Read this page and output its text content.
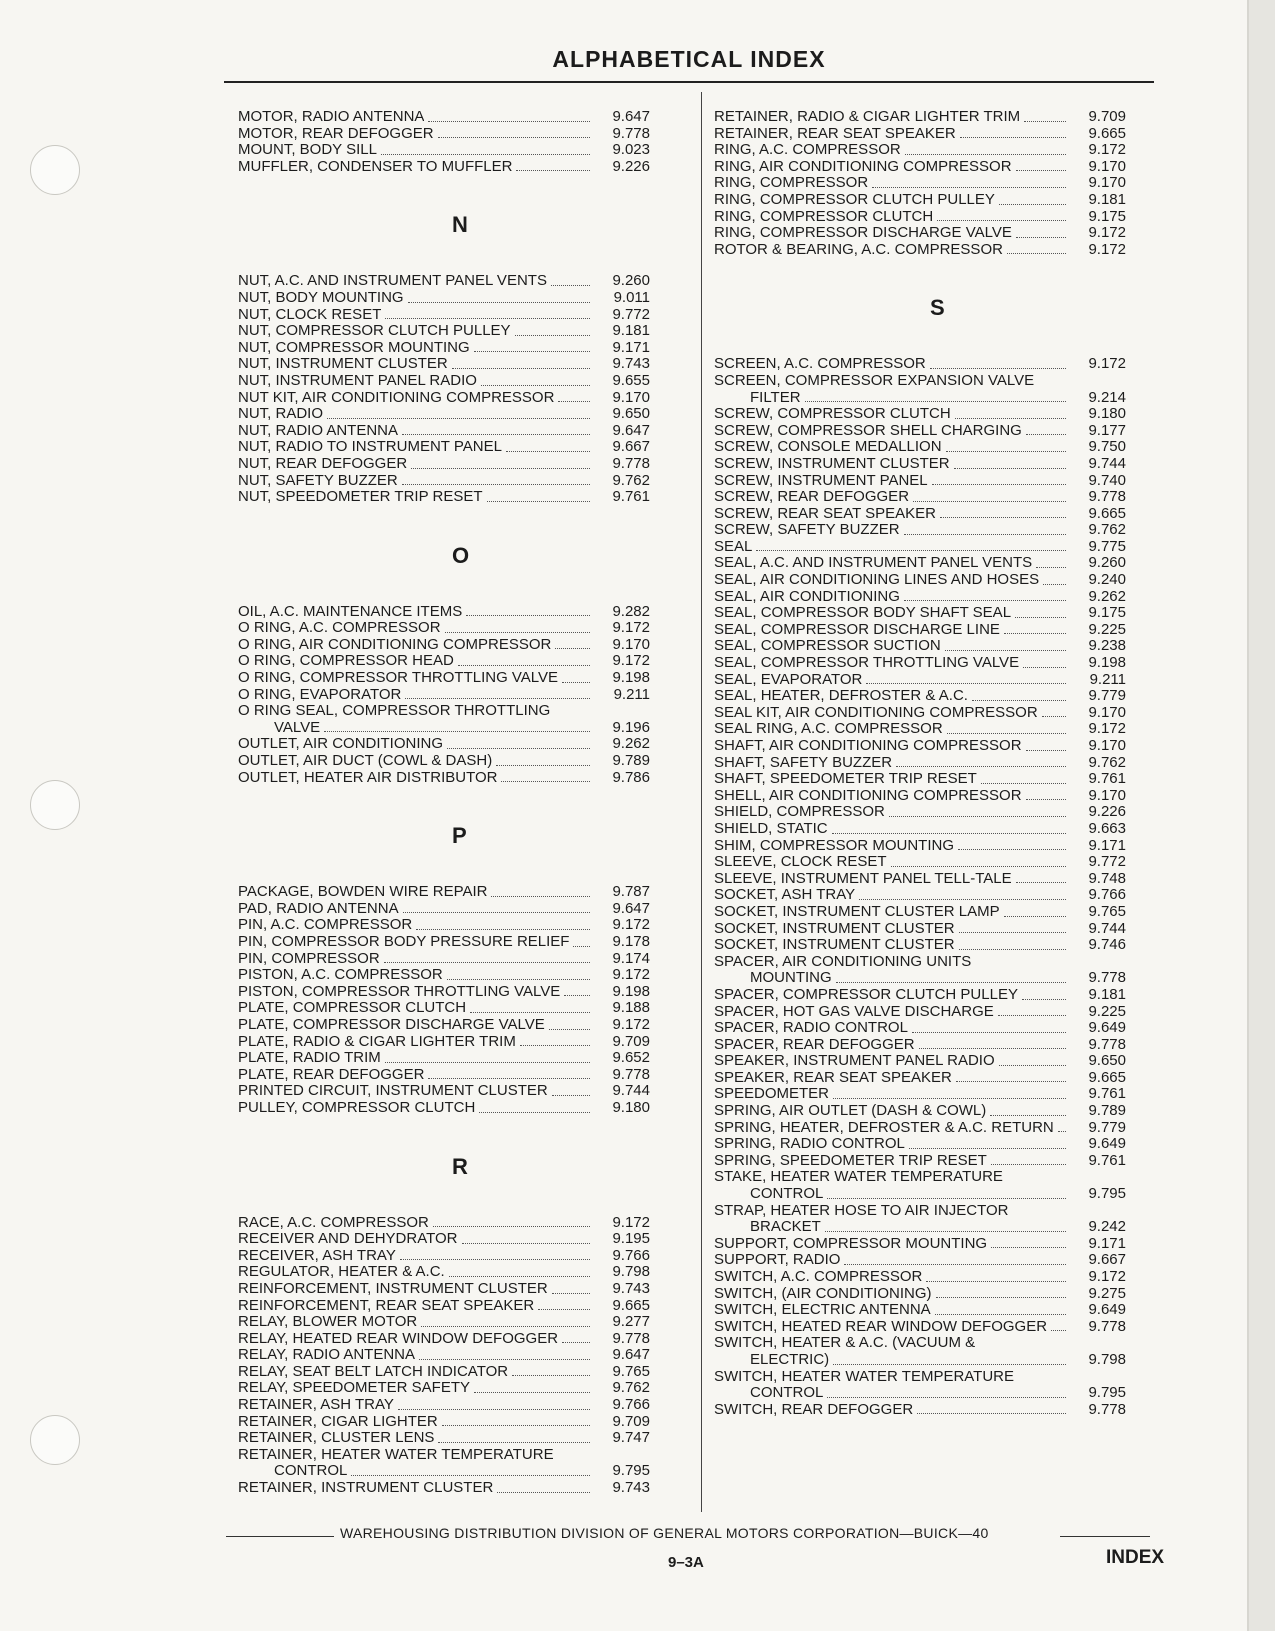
ALPHABETICAL INDEX
MOTOR, RADIO ANTENNA	9.647
MOTOR, REAR DEFOGGER	9.778
MOUNT, BODY SILL	9.023
MUFFLER, CONDENSER TO MUFFLER	9.226
N
NUT, A.C. AND INSTRUMENT PANEL VENTS	9.260
NUT, BODY MOUNTING	9.011
NUT, CLOCK RESET	9.772
NUT, COMPRESSOR CLUTCH PULLEY	9.181
NUT, COMPRESSOR MOUNTING	9.171
NUT, INSTRUMENT CLUSTER	9.743
NUT, INSTRUMENT PANEL RADIO	9.655
NUT KIT, AIR CONDITIONING COMPRESSOR	9.170
NUT, RADIO	9.650
NUT, RADIO ANTENNA	9.647
NUT, RADIO TO INSTRUMENT PANEL	9.667
NUT, REAR DEFOGGER	9.778
NUT, SAFETY BUZZER	9.762
NUT, SPEEDOMETER TRIP RESET	9.761
O
OIL, A.C. MAINTENANCE ITEMS	9.282
O RING, A.C. COMPRESSOR	9.172
O RING, AIR CONDITIONING COMPRESSOR	9.170
O RING, COMPRESSOR HEAD	9.172
O RING, COMPRESSOR THROTTLING VALVE	9.198
O RING, EVAPORATOR	9.211
O RING SEAL, COMPRESSOR THROTTLING
VALVE	9.196
OUTLET, AIR CONDITIONING	9.262
OUTLET, AIR DUCT (COWL & DASH)	9.789
OUTLET, HEATER AIR DISTRIBUTOR	9.786
P
PACKAGE, BOWDEN WIRE REPAIR	9.787
PAD, RADIO ANTENNA	9.647
PIN, A.C. COMPRESSOR	9.172
PIN, COMPRESSOR BODY PRESSURE RELIEF	9.178
PIN, COMPRESSOR	9.174
PISTON, A.C. COMPRESSOR	9.172
PISTON, COMPRESSOR THROTTLING VALVE	9.198
PLATE, COMPRESSOR CLUTCH	9.188
PLATE, COMPRESSOR DISCHARGE VALVE	9.172
PLATE, RADIO & CIGAR LIGHTER TRIM	9.709
PLATE, RADIO TRIM	9.652
PLATE, REAR DEFOGGER	9.778
PRINTED CIRCUIT, INSTRUMENT CLUSTER	9.744
PULLEY, COMPRESSOR CLUTCH	9.180
R
RACE, A.C. COMPRESSOR	9.172
RECEIVER AND DEHYDRATOR	9.195
RECEIVER, ASH TRAY	9.766
REGULATOR, HEATER & A.C.	9.798
REINFORCEMENT, INSTRUMENT CLUSTER	9.743
REINFORCEMENT, REAR SEAT SPEAKER	9.665
RELAY, BLOWER MOTOR	9.277
RELAY, HEATED REAR WINDOW DEFOGGER	9.778
RELAY, RADIO ANTENNA	9.647
RELAY, SEAT BELT LATCH INDICATOR	9.765
RELAY, SPEEDOMETER SAFETY	9.762
RETAINER, ASH TRAY	9.766
RETAINER, CIGAR LIGHTER	9.709
RETAINER, CLUSTER LENS	9.747
RETAINER, HEATER WATER TEMPERATURE
CONTROL	9.795
RETAINER, INSTRUMENT CLUSTER	9.743
RETAINER, RADIO & CIGAR LIGHTER TRIM	9.709
RETAINER, REAR SEAT SPEAKER	9.665
RING, A.C. COMPRESSOR	9.172
RING, AIR CONDITIONING COMPRESSOR	9.170
RING, COMPRESSOR	9.170
RING, COMPRESSOR CLUTCH PULLEY	9.181
RING, COMPRESSOR CLUTCH	9.175
RING, COMPRESSOR DISCHARGE VALVE	9.172
ROTOR & BEARING, A.C. COMPRESSOR	9.172
S
SCREEN, A.C. COMPRESSOR	9.172
SCREEN, COMPRESSOR EXPANSION VALVE
FILTER	9.214
SCREW, COMPRESSOR CLUTCH	9.180
SCREW, COMPRESSOR SHELL CHARGING	9.177
SCREW, CONSOLE MEDALLION	9.750
SCREW, INSTRUMENT CLUSTER	9.744
SCREW, INSTRUMENT PANEL	9.740
SCREW, REAR DEFOGGER	9.778
SCREW, REAR SEAT SPEAKER	9.665
SCREW, SAFETY BUZZER	9.762
SEAL	9.775
SEAL, A.C. AND INSTRUMENT PANEL VENTS	9.260
SEAL, AIR CONDITIONING LINES AND HOSES	9.240
SEAL, AIR CONDITIONING	9.262
SEAL, COMPRESSOR BODY SHAFT SEAL	9.175
SEAL, COMPRESSOR DISCHARGE LINE	9.225
SEAL, COMPRESSOR SUCTION	9.238
SEAL, COMPRESSOR THROTTLING VALVE	9.198
SEAL, EVAPORATOR	9.211
SEAL, HEATER, DEFROSTER & A.C.	9.779
SEAL KIT, AIR CONDITIONING COMPRESSOR	9.170
SEAL RING, A.C. COMPRESSOR	9.172
SHAFT, AIR CONDITIONING COMPRESSOR	9.170
SHAFT, SAFETY BUZZER	9.762
SHAFT, SPEEDOMETER TRIP RESET	9.761
SHELL, AIR CONDITIONING COMPRESSOR	9.170
SHIELD, COMPRESSOR	9.226
SHIELD, STATIC	9.663
SHIM, COMPRESSOR MOUNTING	9.171
SLEEVE, CLOCK RESET	9.772
SLEEVE, INSTRUMENT PANEL TELL-TALE	9.748
SOCKET, ASH TRAY	9.766
SOCKET, INSTRUMENT CLUSTER LAMP	9.765
SOCKET, INSTRUMENT CLUSTER	9.744
SOCKET, INSTRUMENT CLUSTER	9.746
SPACER, AIR CONDITIONING UNITS
MOUNTING	9.778
SPACER, COMPRESSOR CLUTCH PULLEY	9.181
SPACER, HOT GAS VALVE DISCHARGE	9.225
SPACER, RADIO CONTROL	9.649
SPACER, REAR DEFOGGER	9.778
SPEAKER, INSTRUMENT PANEL RADIO	9.650
SPEAKER, REAR SEAT SPEAKER	9.665
SPEEDOMETER	9.761
SPRING, AIR OUTLET (DASH & COWL)	9.789
SPRING, HEATER, DEFROSTER & A.C. RETURN	9.779
SPRING, RADIO CONTROL	9.649
SPRING, SPEEDOMETER TRIP RESET	9.761
STAKE, HEATER WATER TEMPERATURE
CONTROL	9.795
STRAP, HEATER HOSE TO AIR INJECTOR
BRACKET	9.242
SUPPORT, COMPRESSOR MOUNTING	9.171
SUPPORT, RADIO	9.667
SWITCH, A.C. COMPRESSOR	9.172
SWITCH, (AIR CONDITIONING)	9.275
SWITCH, ELECTRIC ANTENNA	9.649
SWITCH, HEATED REAR WINDOW DEFOGGER	9.778
SWITCH, HEATER & A.C. (VACUUM &
ELECTRIC)	9.798
SWITCH, HEATER WATER TEMPERATURE
CONTROL	9.795
SWITCH, REAR DEFOGGER	9.778
WAREHOUSING DISTRIBUTION DIVISION OF GENERAL MOTORS CORPORATION—BUICK—40
9–3A	INDEX
